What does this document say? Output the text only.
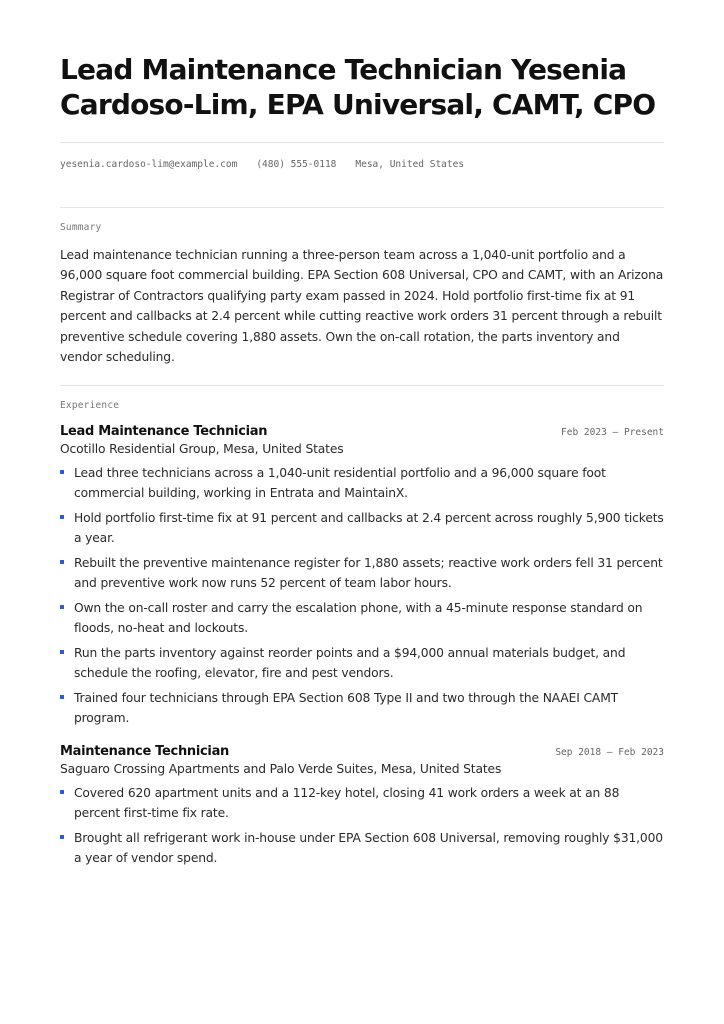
Lead Maintenance Technician Yesenia
Cardoso-Lim, EPA Universal, CAMT, CPO
yesenia.cardoso-lim@example.com (480) 555-0118 Mesa, United States
Summary

Lead maintenance technician running a three-person team across a 1,040-unit portfolio and a 96,000 square foot commercial building. EPA Section 608 Universal, CPO and CAMT, with an Arizona Registrar of Contractors qualifying party exam passed in 2024. Hold portfolio first-time fix at 91 percent and callbacks at 2.4 percent while cutting reactive work orders 31 percent through a rebuilt preventive schedule covering 1,880 assets. Own the on-call rotation, the parts inventory and vendor scheduling.

Experience
Lead Maintenance Technician	Feb 2023 — Present
Ocotillo Residential Group, Mesa, United States
Lead three technicians across a 1,040-unit residential portfolio and a 96,000 square foot commercial building, working in Entrata and MaintainX.
Hold portfolio first-time fix at 91 percent and callbacks at 2.4 percent across roughly 5,900 tickets a year.
Rebuilt the preventive maintenance register for 1,880 assets; reactive work orders fell 31 percent and preventive work now runs 52 percent of team labor hours.
Own the on-call roster and carry the escalation phone, with a 45-minute response standard on floods, no-heat and lockouts.
Run the parts inventory against reorder points and a $94,000 annual materials budget, and schedule the roofing, elevator, fire and pest vendors.
Trained four technicians through EPA Section 608 Type II and two through the NAAEI CAMT program.
Maintenance Technician	Sep 2018 — Feb 2023
Saguaro Crossing Apartments and Palo Verde Suites, Mesa, United States
Covered 620 apartment units and a 112-key hotel, closing 41 work orders a week at an 88 percent first-time fix rate.
Brought all refrigerant work in-house under EPA Section 608 Universal, removing roughly $31,000 a year of vendor spend.
